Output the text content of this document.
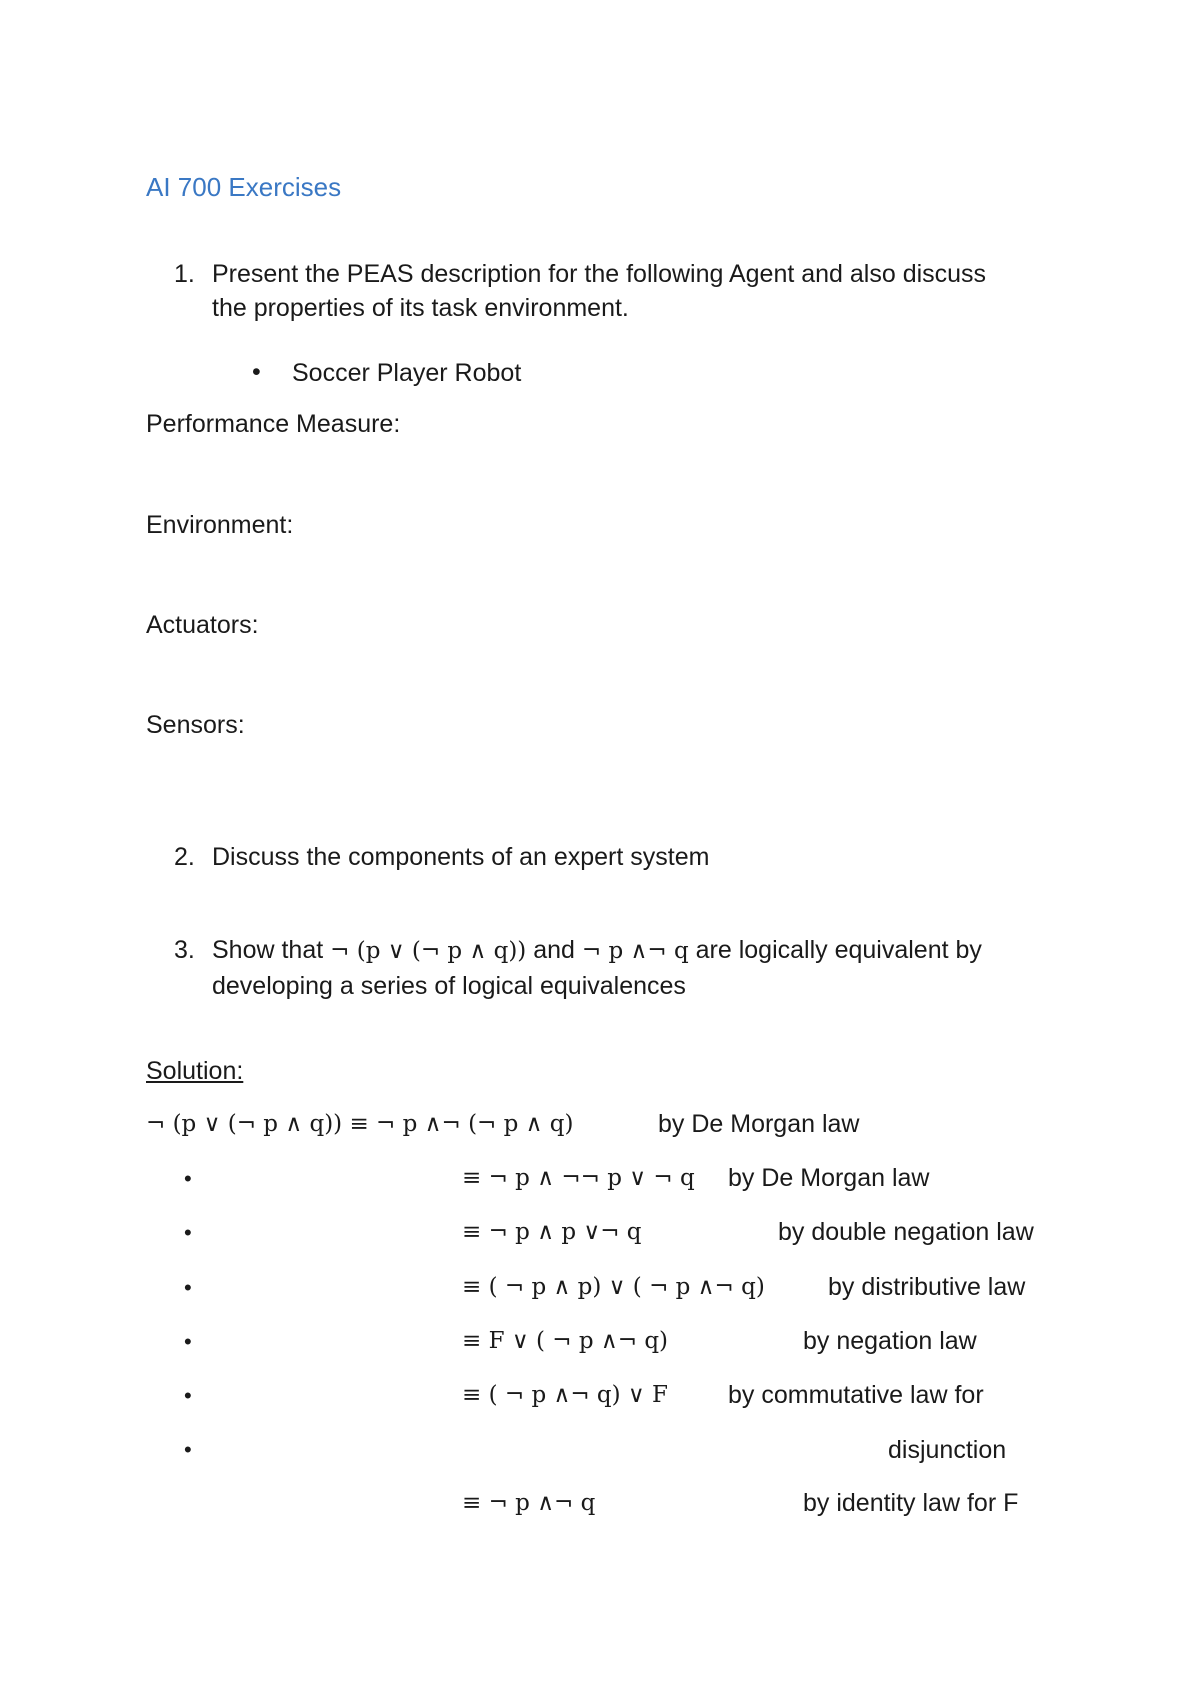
AI 700 Exercises
1. Present the PEAS description for the following Agent and also discuss
the properties of its task environment.
• Soccer Player Robot
Performance Measure:
Environment:
Actuators:
Sensors:
2. Discuss the components of an expert system
3. Show that ¬ (p ∨ (¬ p ∧ q)) and ¬ p ∧¬ q are logically equivalent by
developing a series of logical equivalences
Solution:
¬ (p ∨ (¬ p ∧ q)) ≡ ¬ p ∧¬ (¬ p ∧ q)	by De Morgan law
•	≡ ¬ p ∧ ¬¬ p ∨ ¬ q by De Morgan law
•	≡ ¬ p ∧ p ∨¬ q	by double negation law
•	≡ ( ¬ p ∧ p) ∨ ( ¬ p ∧¬ q)	by distributive law
•	≡ F ∨ ( ¬ p ∧¬ q)	by negation law
•	≡ ( ¬ p ∧¬ q) ∨ F by commutative law for
•	disjunction
≡ ¬ p ∧¬ q	by identity law for F
